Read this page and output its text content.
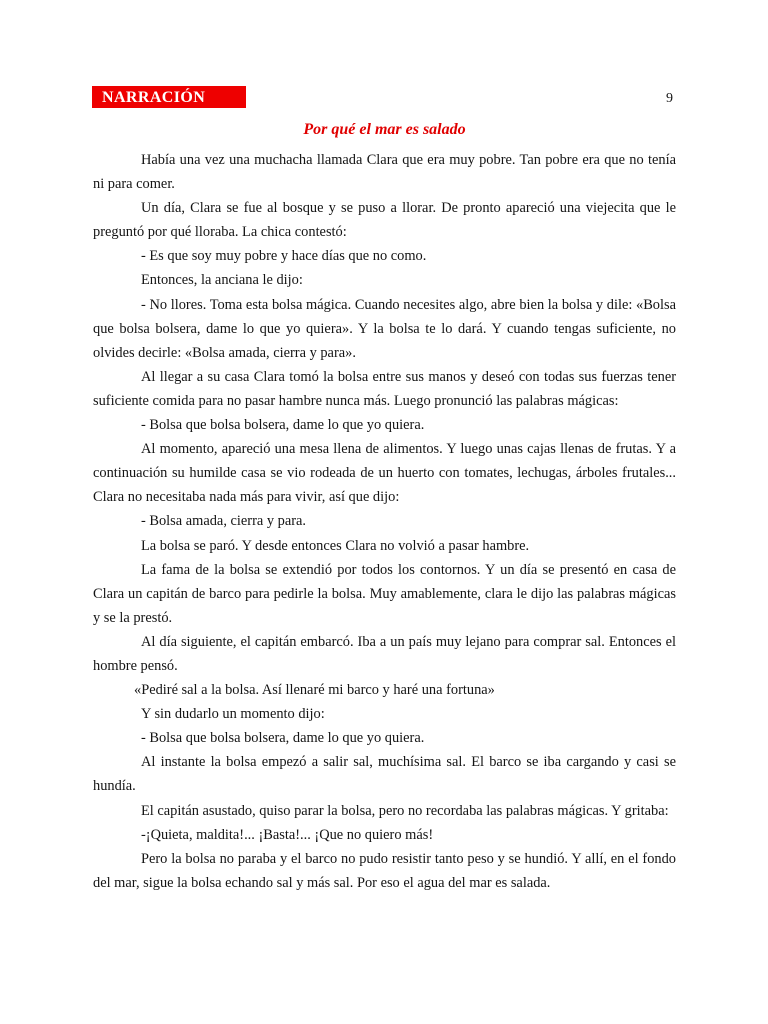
NARRACIÓN	9
Por qué el mar es salado

Había una vez una muchacha llamada Clara que era muy pobre. Tan pobre era que no tenía ni para comer.

Un día, Clara se fue al bosque y se puso a llorar. De pronto apareció una viejecita que le preguntó por qué lloraba. La chica contestó:

- Es que soy muy pobre y hace días que no como.

Entonces, la anciana le dijo:

- No llores. Toma esta bolsa mágica. Cuando necesites algo, abre bien la bolsa y dile: «Bolsa que bolsa bolsera, dame lo que yo quiera». Y la bolsa te lo dará. Y cuando tengas suficiente, no olvides decirle: «Bolsa amada, cierra y para».

Al llegar a su casa Clara tomó la bolsa entre sus manos y deseó con todas sus fuerzas tener suficiente comida para no pasar hambre nunca más. Luego pronunció las palabras mágicas:

- Bolsa que bolsa bolsera, dame lo que yo quiera.

Al momento, apareció una mesa llena de alimentos. Y luego unas cajas llenas de frutas. Y a continuación su humilde casa se vio rodeada de un huerto con tomates, lechugas, árboles frutales... Clara no necesitaba nada más para vivir, así que dijo:

- Bolsa amada, cierra y para.

La bolsa se paró. Y desde entonces Clara no volvió a pasar hambre.

La fama de la bolsa se extendió por todos los contornos. Y un día se presentó en casa de Clara un capitán de barco para pedirle la bolsa. Muy amablemente, clara le dijo las palabras mágicas y se la prestó.

Al día siguiente, el capitán embarcó. Iba a un país muy lejano para comprar sal. Entonces el hombre pensó.

«Pediré sal a la bolsa. Así llenaré mi barco y haré una fortuna»

Y sin dudarlo un momento dijo:

- Bolsa que bolsa bolsera, dame lo que yo quiera.

Al instante la bolsa empezó a salir sal, muchísima sal. El barco se iba cargando y casi se hundía.

El capitán asustado, quiso parar la bolsa, pero no recordaba las palabras mágicas. Y gritaba:

-¡Quieta, maldita!... ¡Basta!... ¡Que no quiero más!

Pero la bolsa no paraba y el barco no pudo resistir tanto peso y se hundió. Y allí, en el fondo del mar, sigue la bolsa echando sal y más sal. Por eso el agua del mar es salada.
